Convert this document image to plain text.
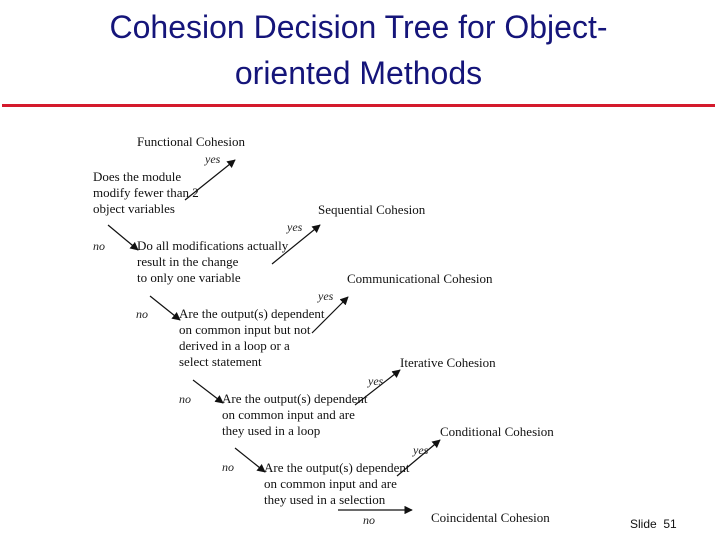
Cohesion Decision Tree for Object-
oriented Methods
Functional Cohesion
Sequential Cohesion
Communicational Cohesion
Iterative Cohesion
Conditional Cohesion
Coincidental Cohesion
Does the module
modify fewer than 2
object variables
Do all modifications actually
result in the change
to only one variable
Are the output(s) dependent
on common input but not
derived in a loop or a
select statement
Are the output(s) dependent
on common input and are
they used in a loop
Are the output(s) dependent
on common input and are
they used in a selection
yes
yes
yes
yes
yes
no
no
no
no
no	Slide 51
